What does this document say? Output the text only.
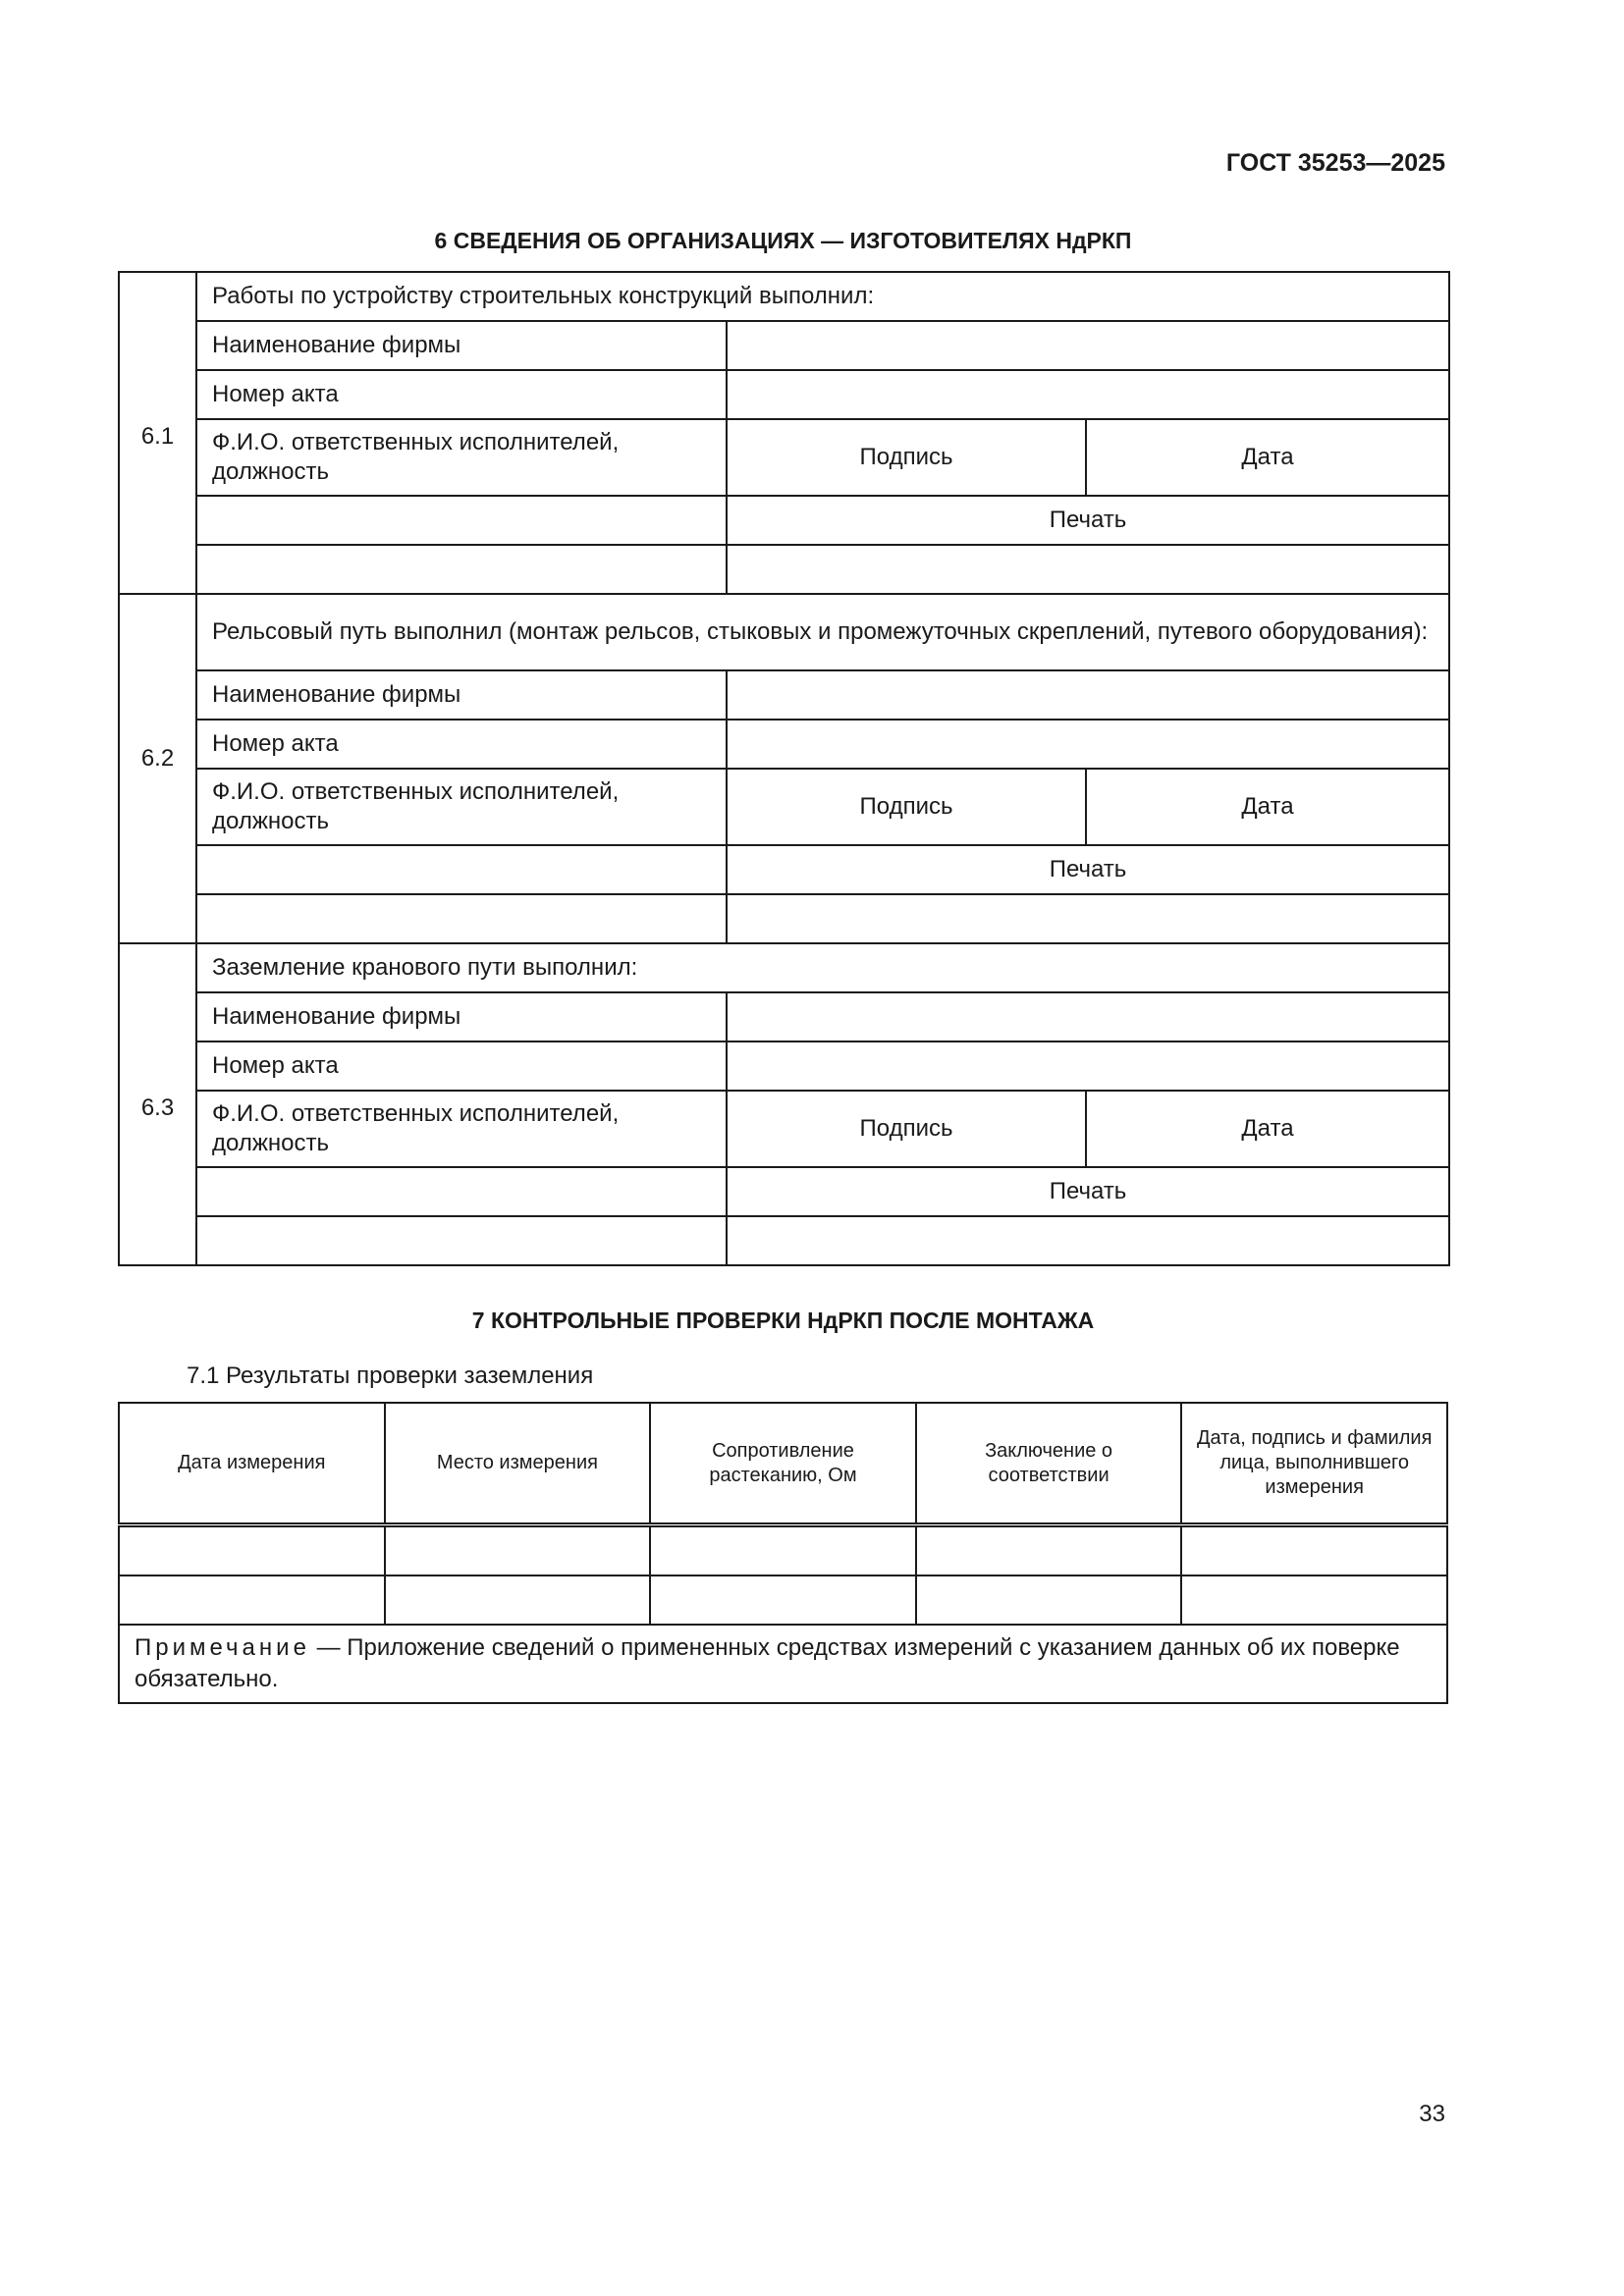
ГОСТ 35253—2025
6 СВЕДЕНИЯ ОБ ОРГАНИЗАЦИЯХ — ИЗГОТОВИТЕЛЯХ НдРКП
6.1	Работы по устройству строительных конструкций выполнил:		
	Наименование фирмы		
	Номер акта		
	Ф.И.О. ответственных исполнителей, должность	Подпись	Дата
		Печать	

6.2	Рельсовый путь выполнил (монтаж рельсов, стыковых и промежуточных скреплений, путевого оборудования):		
	Наименование фирмы		
	Номер акта		
	Ф.И.О. ответственных исполнителей, должность	Подпись	Дата
		Печать	

6.3	Заземление кранового пути выполнил:		
	Наименование фирмы		
	Номер акта		
	Ф.И.О. ответственных исполнителей, должность	Подпись	Дата
		Печать	

7 КОНТРОЛЬНЫЕ ПРОВЕРКИ НдРКП ПОСЛЕ МОНТАЖА
7.1 Результаты проверки заземления
Дата измерения	Место измерения	Сопротивление растеканию, Ом	Заключение о соответствии	Дата, подпись и фамилия лица, выполнившего измерения

Примечание — Приложение сведений о примененных средствах измерений с указанием данных об их поверке обязательно.				
33
